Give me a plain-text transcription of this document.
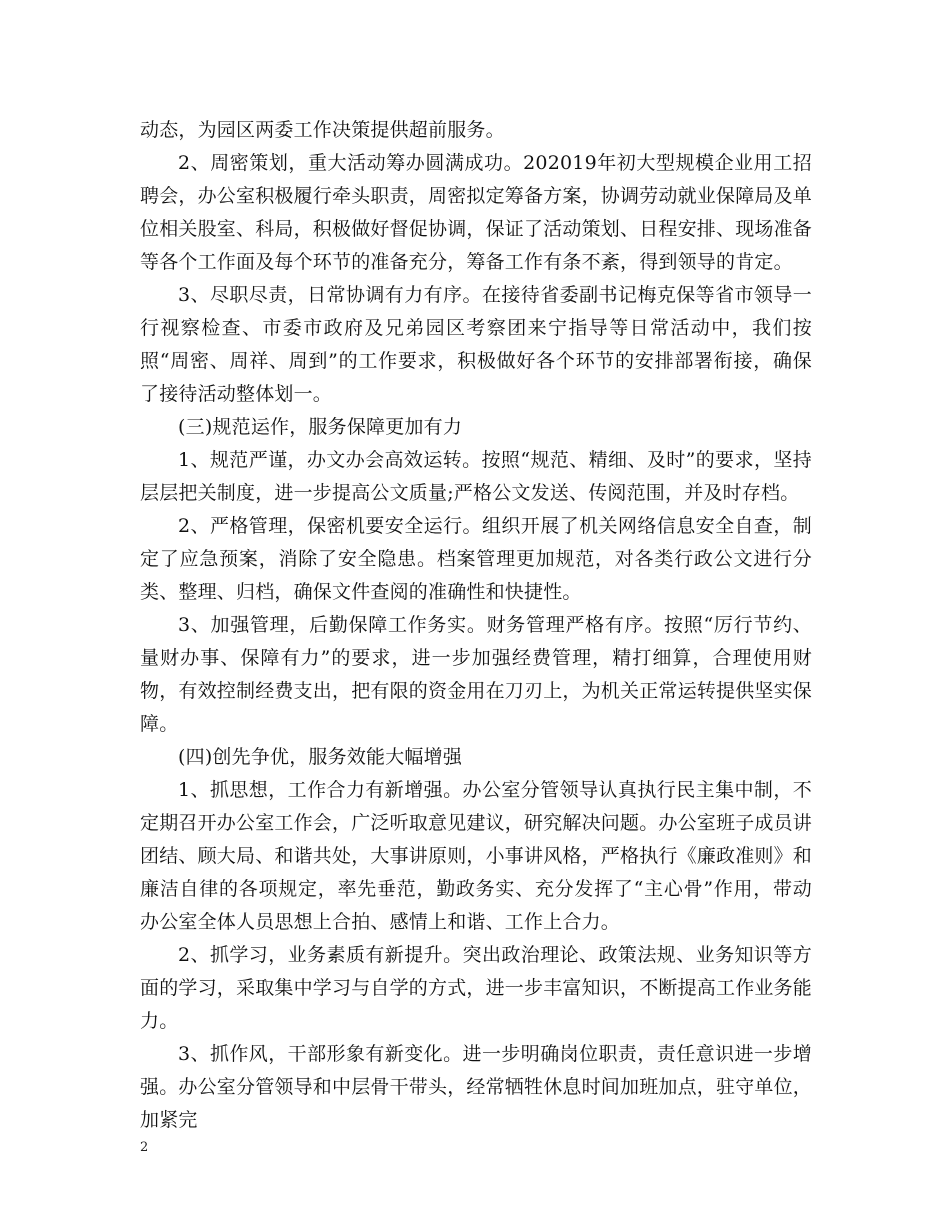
动态，为园区两委工作决策提供超前服务。

2、周密策划，重大活动筹办圆满成功。202019年初大型规模企业用工招聘会，办公室积极履行牵头职责，周密拟定筹备方案，协调劳动就业保障局及单位相关股室、科局，积极做好督促协调，保证了活动策划、日程安排、现场准备等各个工作面及每个环节的准备充分，筹备工作有条不紊，得到领导的肯定。

3、尽职尽责，日常协调有力有序。在接待省委副书记梅克保等省市领导一行视察检查、市委市政府及兄弟园区考察团来宁指导等日常活动中，我们按照“周密、周祥、周到”的工作要求，积极做好各个环节的安排部署衔接，确保了接待活动整体划一。

(三)规范运作，服务保障更加有力

1、规范严谨，办文办会高效运转。按照“规范、精细、及时”的要求，坚持层层把关制度，进一步提高公文质量;严格公文发送、传阅范围，并及时存档。

2、严格管理，保密机要安全运行。组织开展了机关网络信息安全自查，制定了应急预案，消除了安全隐患。档案管理更加规范，对各类行政公文进行分类、整理、归档，确保文件查阅的准确性和快捷性。

3、加强管理，后勤保障工作务实。财务管理严格有序。按照“厉行节约、量财办事、保障有力”的要求，进一步加强经费管理，精打细算，合理使用财物，有效控制经费支出，把有限的资金用在刀刃上，为机关正常运转提供坚实保障。

(四)创先争优，服务效能大幅增强

1、抓思想，工作合力有新增强。办公室分管领导认真执行民主集中制，不定期召开办公室工作会，广泛听取意见建议，研究解决问题。办公室班子成员讲团结、顾大局、和谐共处，大事讲原则，小事讲风格，严格执行《廉政准则》和廉洁自律的各项规定，率先垂范，勤政务实、充分发挥了“主心骨”作用，带动办公室全体人员思想上合拍、感情上和谐、工作上合力。

2、抓学习，业务素质有新提升。突出政治理论、政策法规、业务知识等方面的学习，采取集中学习与自学的方式，进一步丰富知识，不断提高工作业务能力。

3、抓作风，干部形象有新变化。进一步明确岗位职责，责任意识进一步增强。办公室分管领导和中层骨干带头，经常牺牲休息时间加班加点，驻守单位，加紧完

2
